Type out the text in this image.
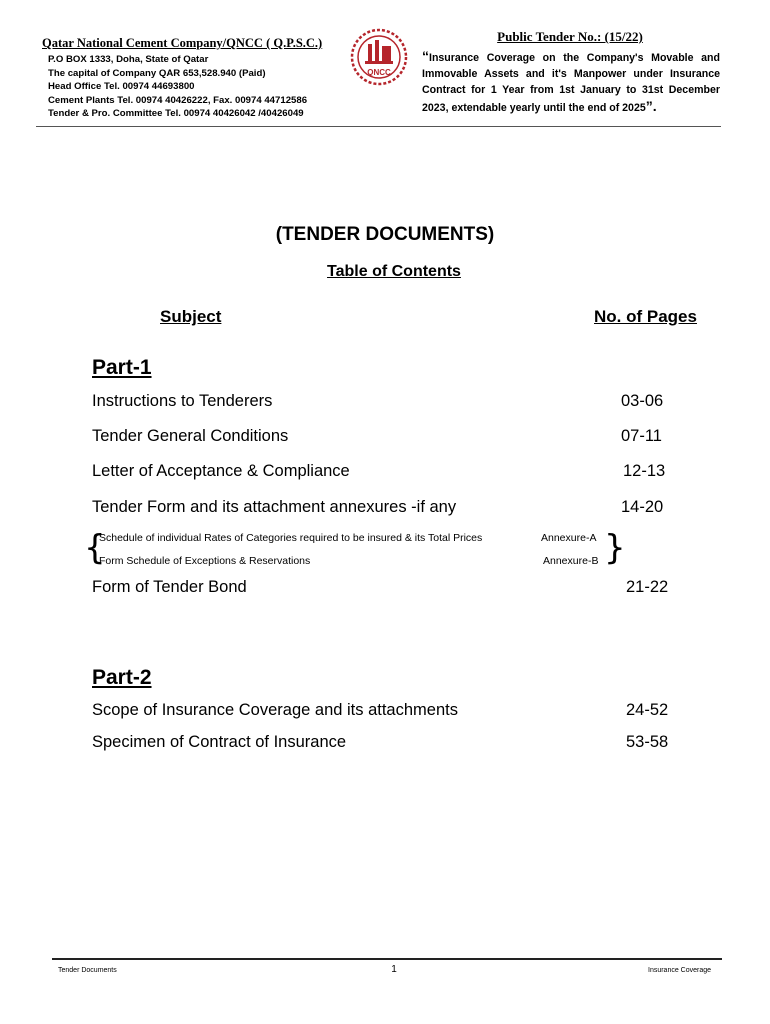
Qatar National Cement Company/QNCC ( Q.P.S.C.)
P.O BOX 1333, Doha, State of Qatar
The capital of Company QAR 653,528.940 (Paid)
Head Office Tel. 00974 44693800
Cement Plants Tel. 00974 40426222, Fax. 00974 44712586
Tender & Pro. Committee Tel. 00974 40426042 /40426049
QNCC
Public Tender No.: (15/22)
“Insurance Coverage on the Company's Movable and Immovable Assets and it's Manpower under Insurance Contract for 1 Year from 1st January to 31st December 2023, extendable yearly until the end of 2025”.
(TENDER DOCUMENTS)
Table of Contents
Subject	No. of Pages
Part-1
Instructions to Tenderers	03-06
Tender General Conditions	07-11
Letter of Acceptance & Compliance	12-13
Tender Form and its attachment annexures -if any	14-20
{
Schedule of individual Rates of Categories required to be insured & its Total Prices	Annexure-A
Form Schedule of Exceptions & Reservations	Annexure-B }
Form of Tender Bond	21-22
Part-2
Scope of Insurance Coverage and its attachments	24-52
Specimen of Contract of Insurance	53-58
Tender Documents	1	Insurance Coverage
